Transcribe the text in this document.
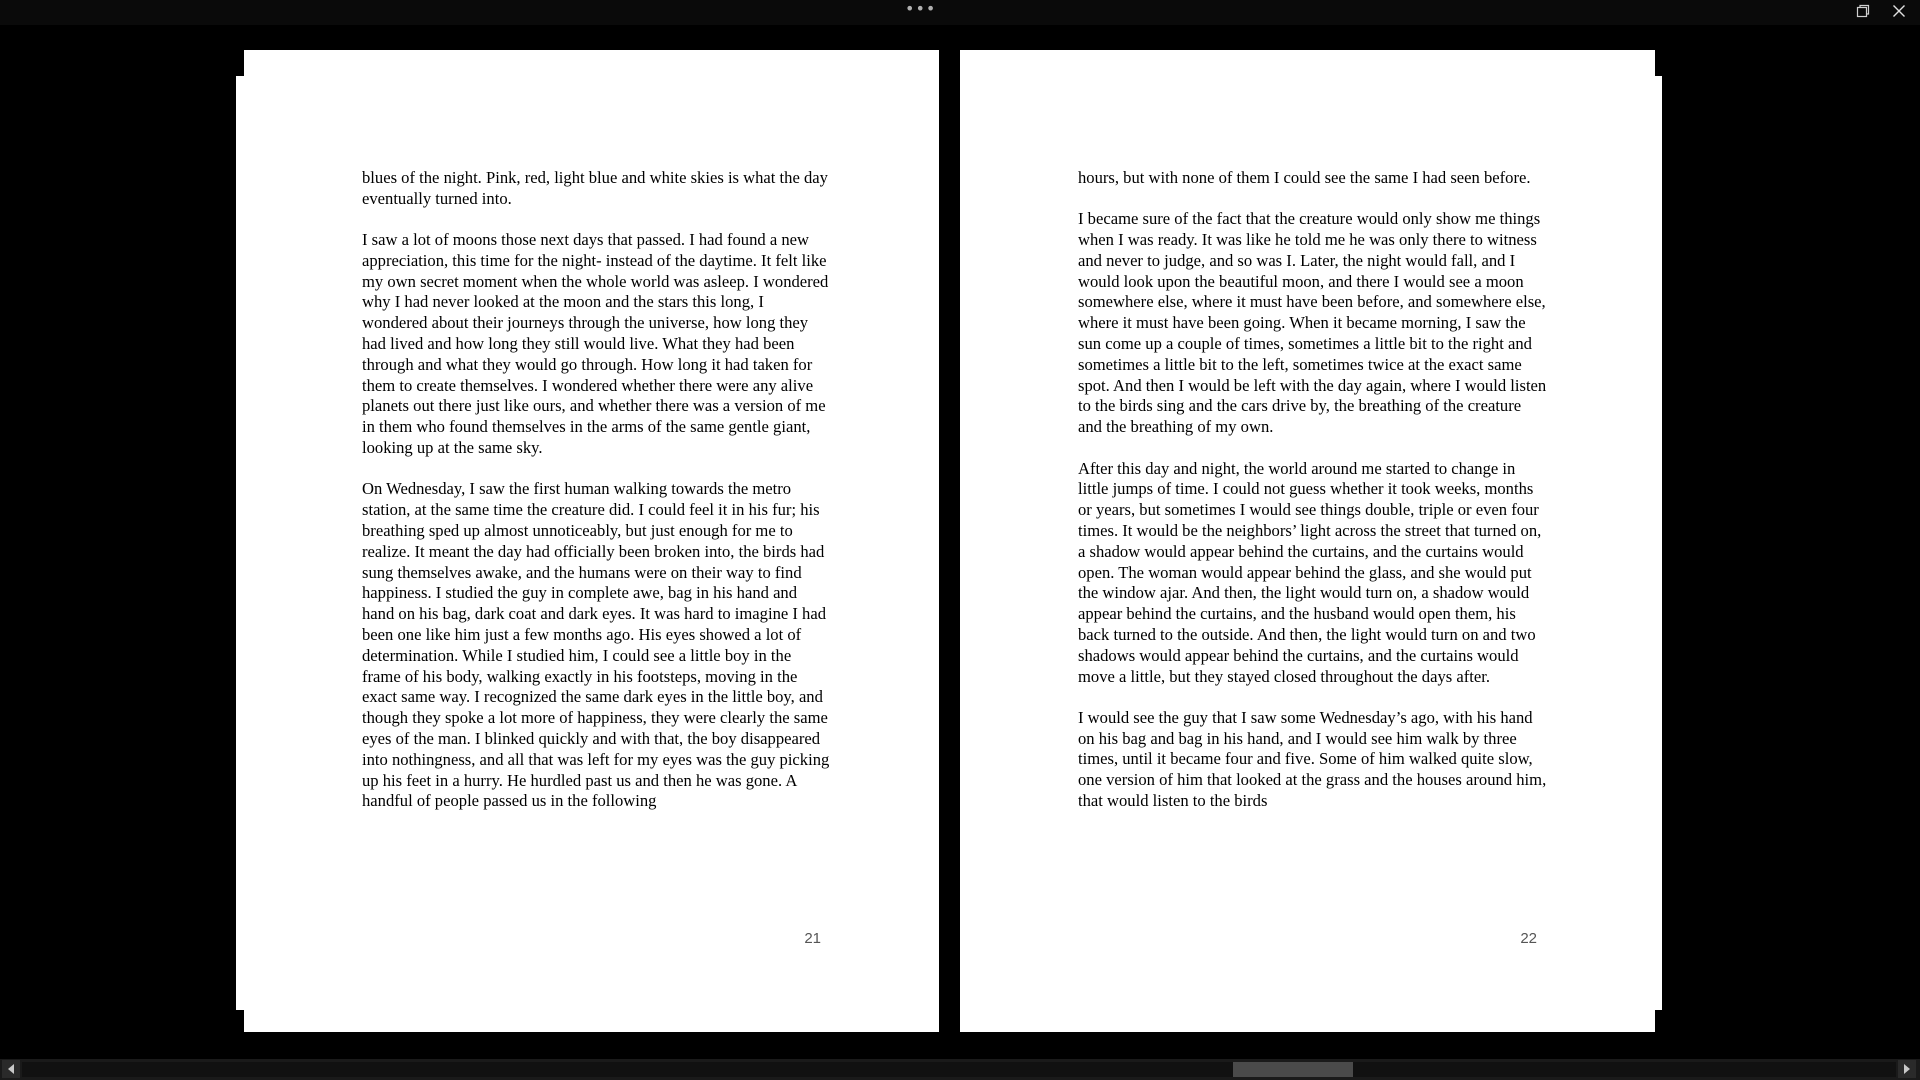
•••

blues of the night. Pink, red, light blue and white skies is what the day eventually turned into.

I saw a lot of moons those next days that passed. I had found a new appreciation, this time for the night- instead of the daytime. It felt like my own secret moment when the whole world was asleep. I wondered why I had never looked at the moon and the stars this long, I wondered about their journeys through the universe, how long they had lived and how long they still would live. What they had been through and what they would go through. How long it had taken for them to create themselves. I wondered whether there were any alive planets out there just like ours, and whether there was a version of me in them who found themselves in the arms of the same gentle giant, looking up at the same sky.

On Wednesday, I saw the first human walking towards the metro station, at the same time the creature did. I could feel it in his fur; his breathing sped up almost unnoticeably, but just enough for me to realize. It meant the day had officially been broken into, the birds had sung themselves awake, and the humans were on their way to find happiness. I studied the guy in complete awe, bag in his hand and hand on his bag, dark coat and dark eyes. It was hard to imagine I had been one like him just a few months ago. His eyes showed a lot of determination. While I studied him, I could see a little boy in the frame of his body, walking exactly in his footsteps, moving in the exact same way. I recognized the same dark eyes in the little boy, and though they spoke a lot more of happiness, they were clearly the same eyes of the man. I blinked quickly and with that, the boy disappeared into nothingness, and all that was left for my eyes was the guy picking up his feet in a hurry. He hurdled past us and then he was gone. A handful of people passed us in the following

21

hours, but with none of them I could see the same I had seen before.

I became sure of the fact that the creature would only show me things when I was ready. It was like he told me he was only there to witness and never to judge, and so was I. Later, the night would fall, and I would look upon the beautiful moon, and there I would see a moon somewhere else, where it must have been before, and somewhere else, where it must have been going. When it became morning, I saw the sun come up a couple of times, sometimes a little bit to the right and sometimes a little bit to the left, sometimes twice at the exact same spot. And then I would be left with the day again, where I would listen to the birds sing and the cars drive by, the breathing of the creature and the breathing of my own.

After this day and night, the world around me started to change in little jumps of time. I could not guess whether it took weeks, months or years, but sometimes I would see things double, triple or even four times. It would be the neighbors’ light across the street that turned on, a shadow would appear behind the curtains, and the curtains would open. The woman would appear behind the glass, and she would put the window ajar. And then, the light would turn on, a shadow would appear behind the curtains, and the husband would open them, his back turned to the outside. And then, the light would turn on and two shadows would appear behind the curtains, and the curtains would move a little, but they stayed closed throughout the days after.

I would see the guy that I saw some Wednesday’s ago, with his hand on his bag and bag in his hand, and I would see him walk by three times, until it became four and five. Some of him walked quite slow, one version of him that looked at the grass and the houses around him, that would listen to the birds

22
